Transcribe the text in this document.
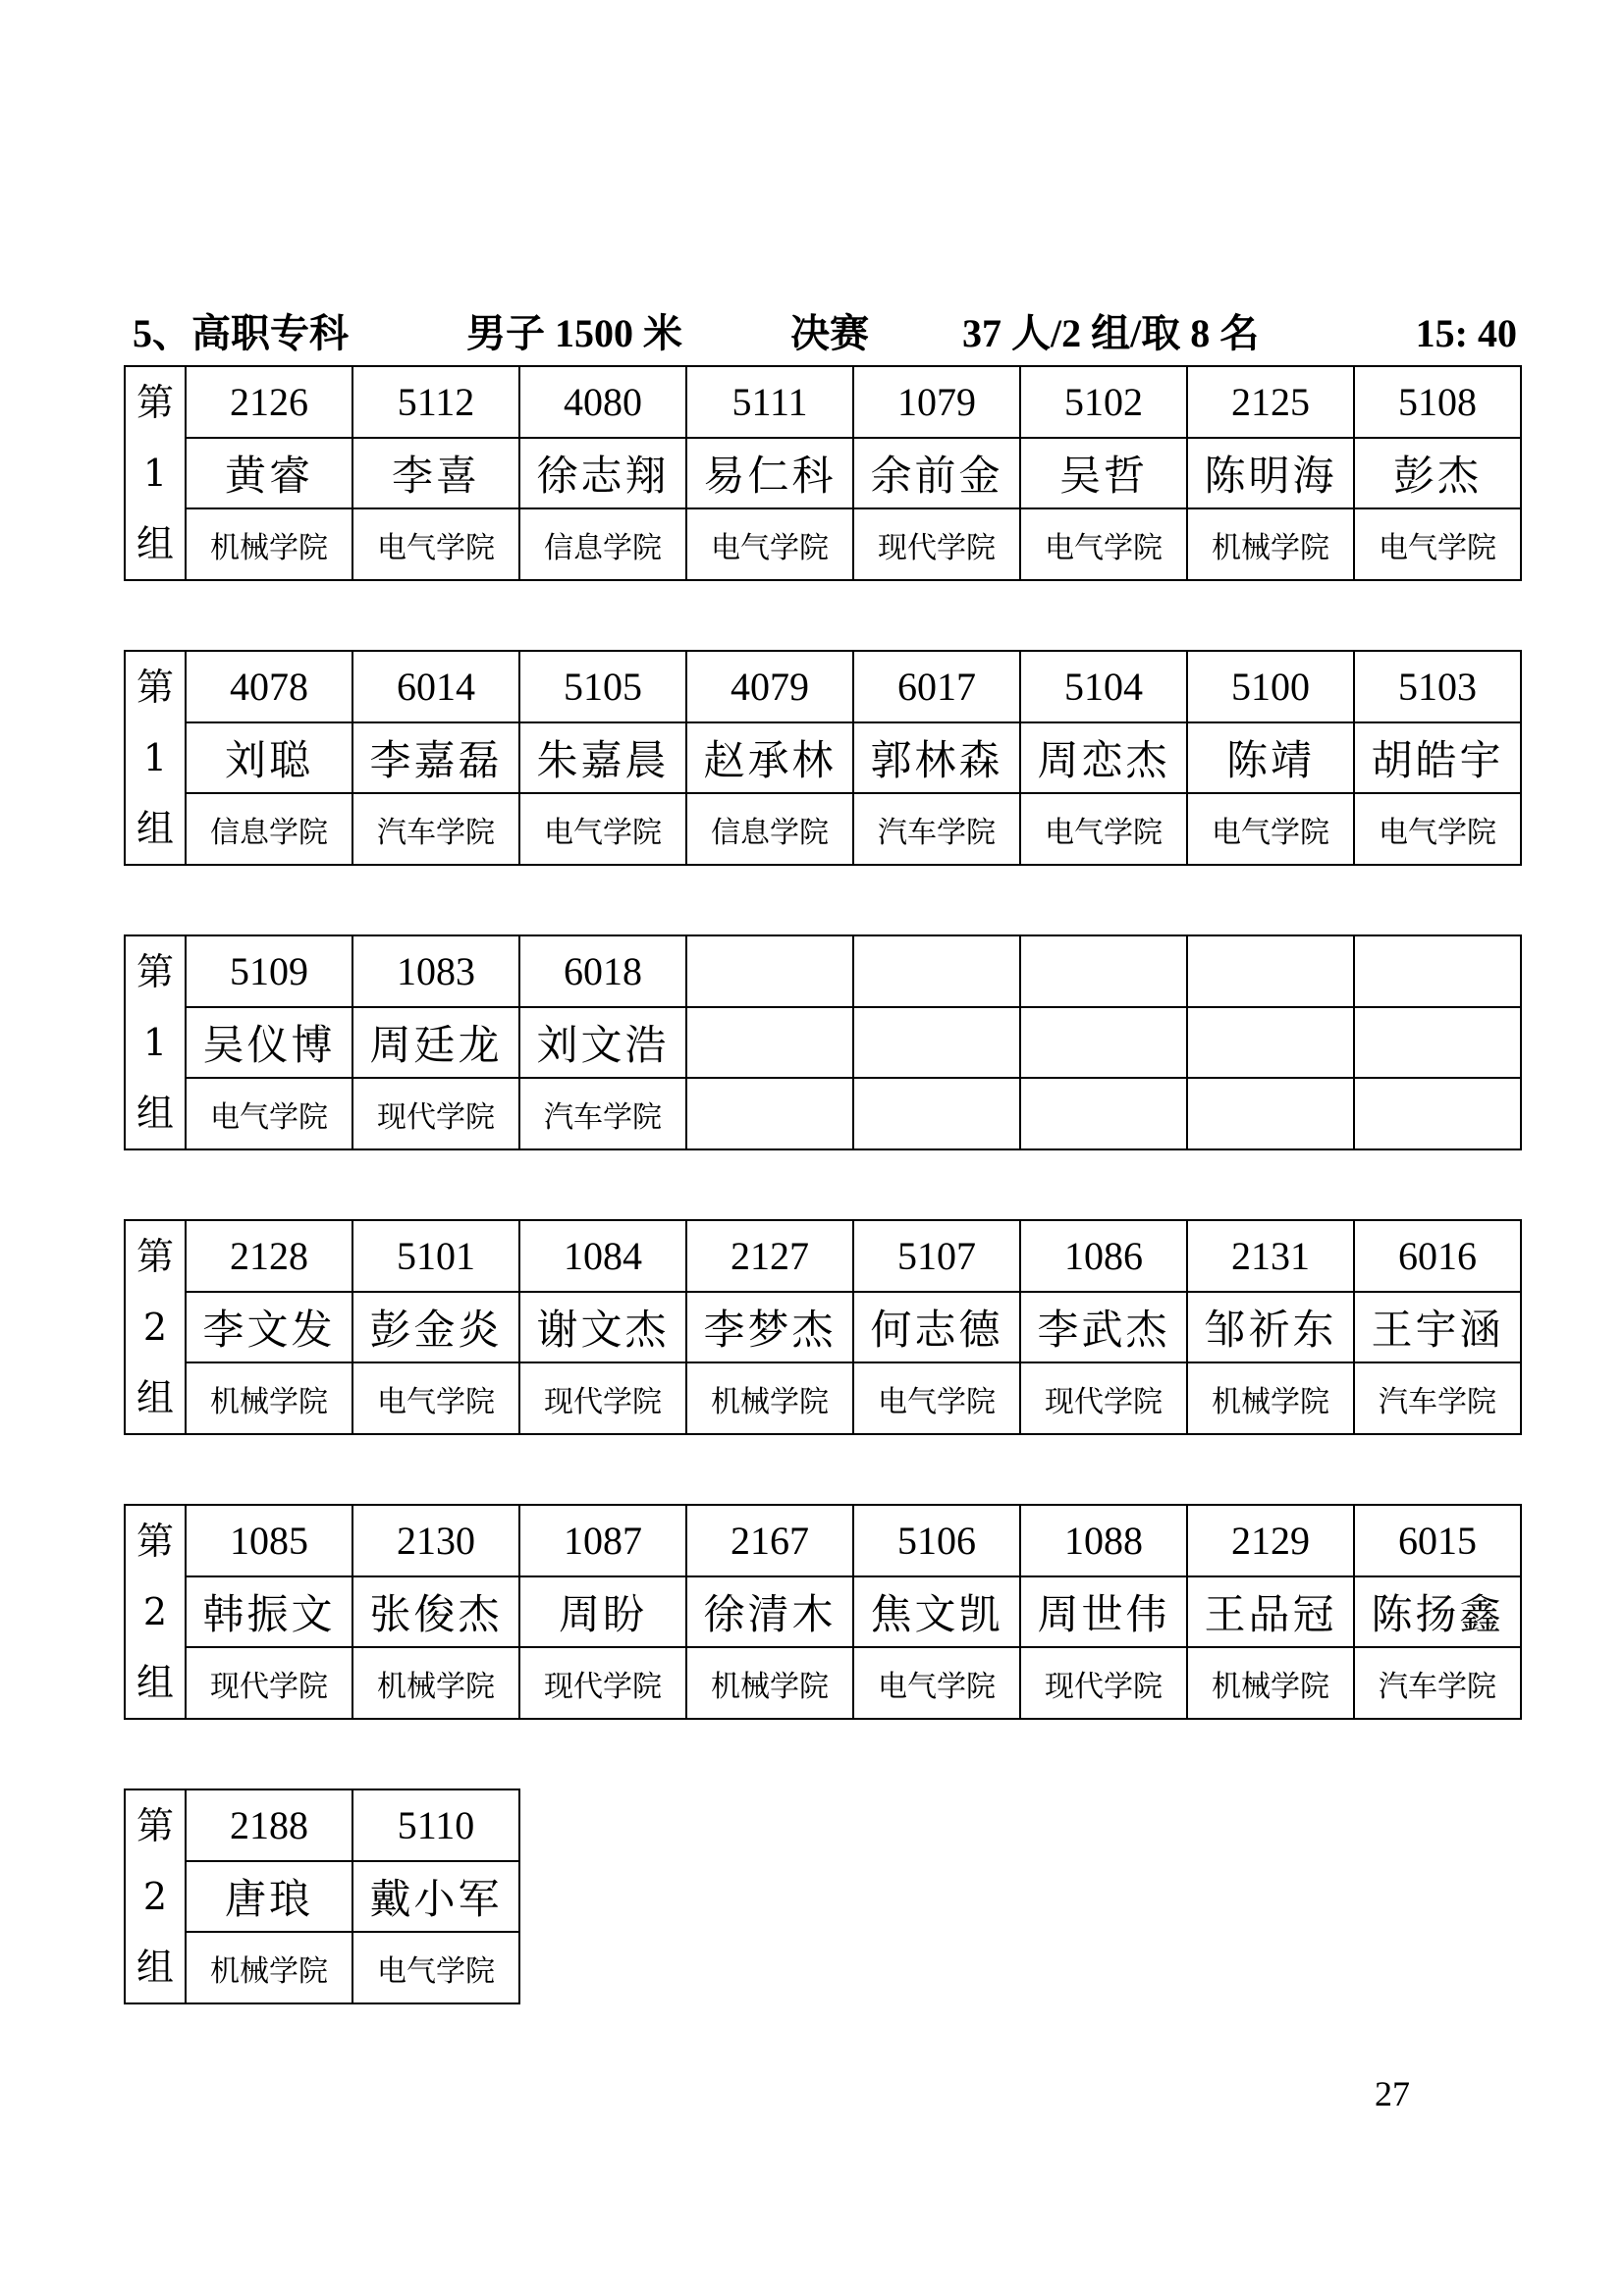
5、高职专科	男子 1500 米	决赛 37 人/2 组/取 8 名	15: 40
第
1
组	2126	5112	4080	5111	1079	5102	2125	5108
	黄睿	李喜	徐志翔	易仁科	余前金	吴哲	陈明海	彭杰
	机械学院	电气学院	信息学院	电气学院	现代学院	电气学院	机械学院	电气学院
第
1
组	4078	6014	5105	4079	6017	5104	5100	5103
	刘聪	李嘉磊	朱嘉晨	赵承林	郭林森	周恋杰	陈靖	胡皓宇
	信息学院	汽车学院	电气学院	信息学院	汽车学院	电气学院	电气学院	电气学院
第
1
组	5109	1083	6018					
	吴仪博	周廷龙	刘文浩					
	电气学院	现代学院	汽车学院					
第
2
组	2128	5101	1084	2127	5107	1086	2131	6016
	李文发	彭金炎	谢文杰	李梦杰	何志德	李武杰	邹祈东	王宇涵
	机械学院	电气学院	现代学院	机械学院	电气学院	现代学院	机械学院	汽车学院
第
2
组	1085	2130	1087	2167	5106	1088	2129	6015
	韩振文	张俊杰	周盼	徐清木	焦文凯	周世伟	王品冠	陈扬鑫
	现代学院	机械学院	现代学院	机械学院	电气学院	现代学院	机械学院	汽车学院
第
2
组	2188	5110
	唐琅	戴小军
	机械学院	电气学院
27
